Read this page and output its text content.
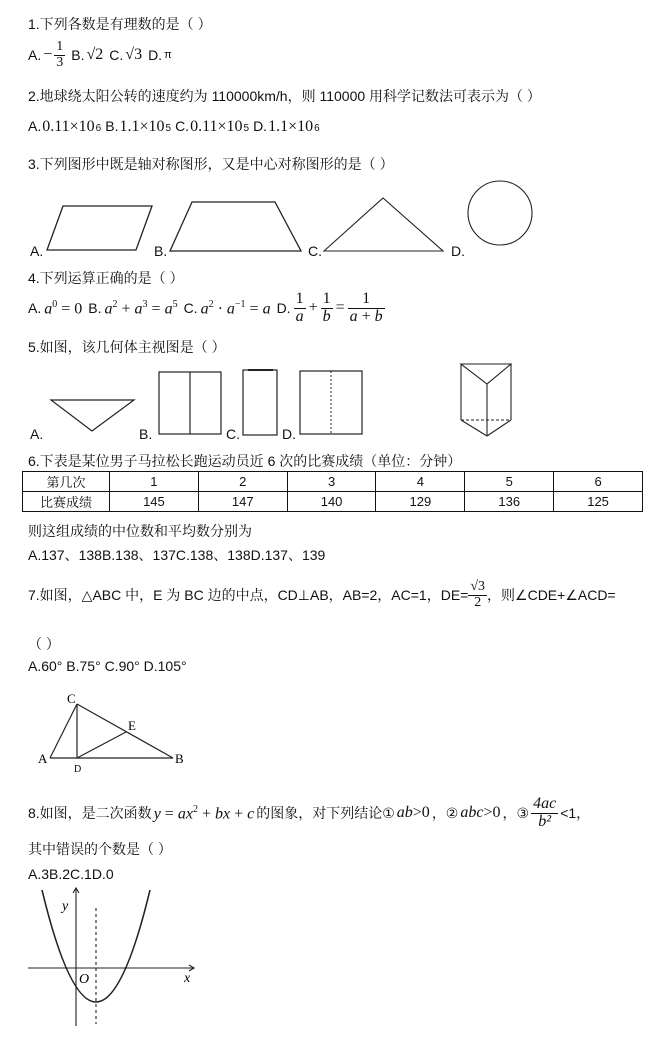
1.下列各数是有理数的是（ ）
A. − $\frac{1}{3} B$. √2 C. √3 D. π
2.地球绕太阳公转的速度约为 110000km/h，则 110000 用科学记数法可表示为（ ）
A. 0.11×10 6 B. 1.1×10 5 C. 0.11×10 5 D. 1.1×10 6
3.下列图形中既是轴对称图形，又是中心对称图形的是（ ）
A.	B.	C.	D.
4.下列运算正确的是（ ）
A. $a^0 = 0$ B. $a^2 + a^3 = a^5$ C. $a^2 \cdot a^{-1} = a$ D. $\frac{1}{a} + \frac{1}{b} = \frac{1}{a + b}$
5.如图，该几何体主视图是（ ）
A.	B.	C.	D.
6.下表是某位男子马拉松长跑运动员近 6 次的比赛成绩（单位：分钟）
第几次	1	2	3	4	5	6
比赛成绩	145	147	140	129	136	125
则这组成绩的中位数和平均数分别为
A.137、138B.138、137C.138、138D.137、139
7.如图，△ABC 中，E 为 BC 边的中点，CD⊥AB，AB=2，AC=1，$DE= \frac{√3}{2}$ ，则∠CDE+∠ACD=
（ ）
A.60° B.75° C.90° D.105°
C
E
A
D
B
8.如图，是二次函数 $y = ax^2$ + bx + c 的图象，对下列结论① ab>0 ，② abc>0 ，③ $\frac{4ac}{\text{b²}} <1$，
其中错误的个数是（ ）
A.3B.2C.1D.0
y
x
O
